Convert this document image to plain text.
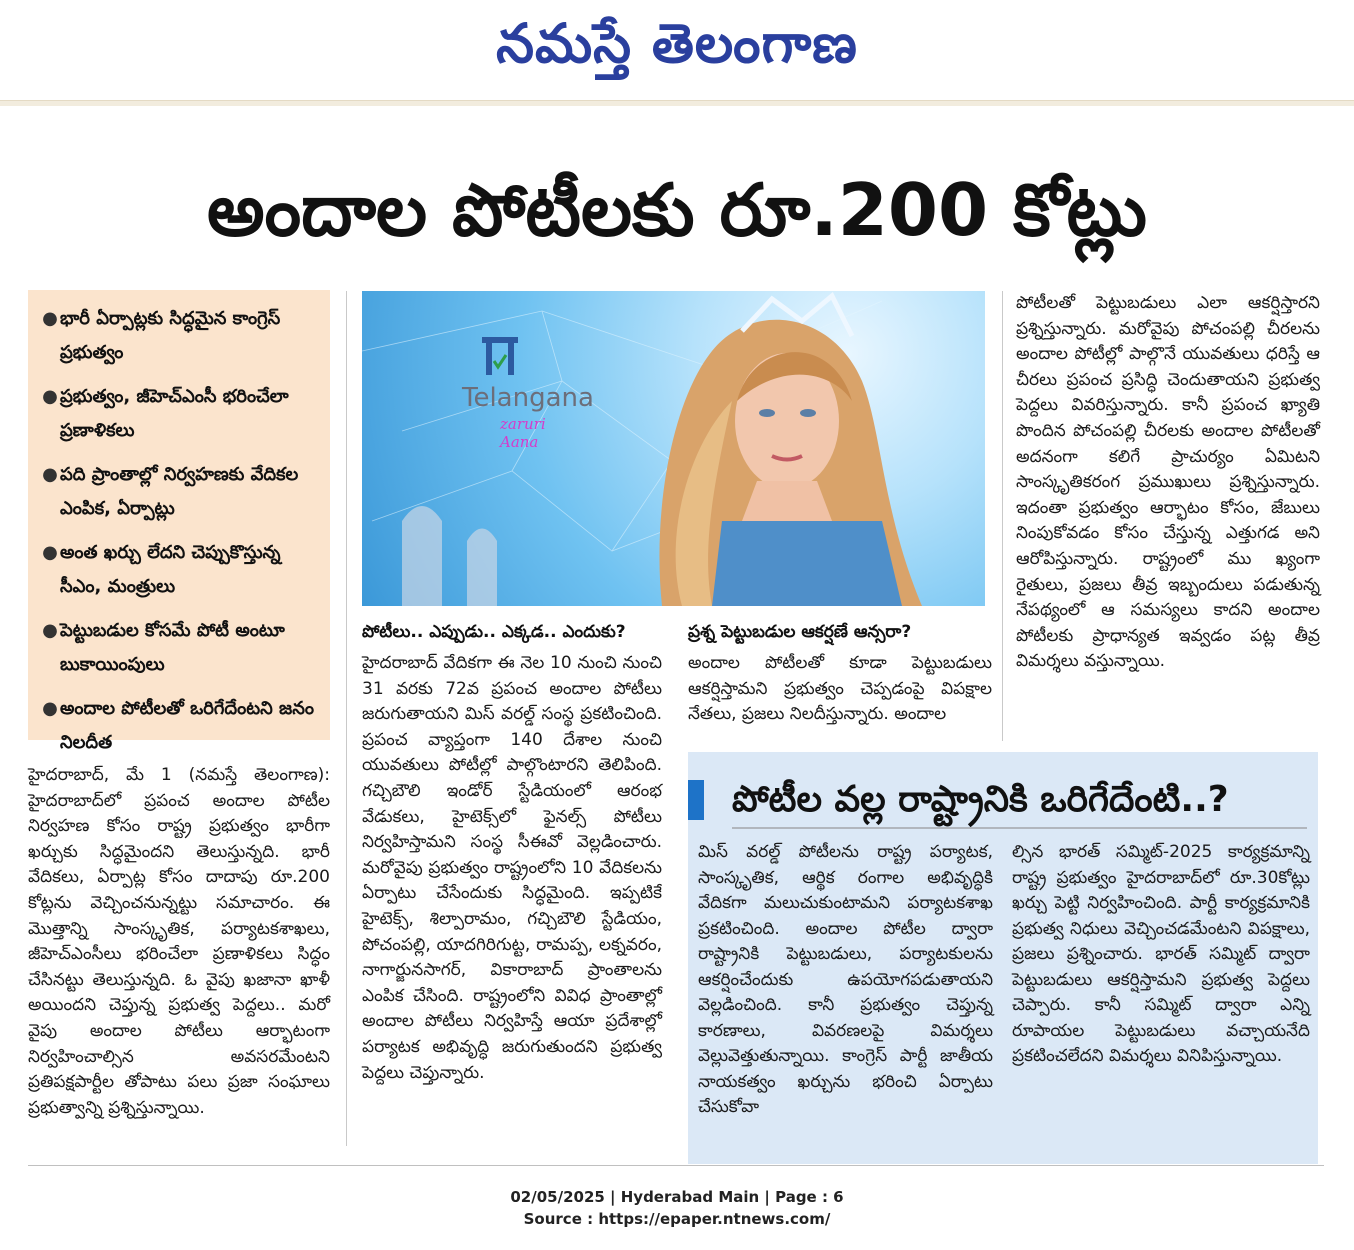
నమస్తే తెలంగాణ
అందాల పోటీలకు రూ.200 కోట్లు
● భారీ ఏర్పాట్లకు సిద్ధమైన కాంగ్రెస్ ప్రభుత్వం
● ప్రభుత్వం, జీహెచ్‌ఎంసీ భరించేలా ప్రణాళికలు
● పది ప్రాంతాల్లో నిర్వహణకు వేదికల ఎంపిక, ఏర్పాట్లు
● అంత ఖర్చు లేదని చెప్పుకొస్తున్న సీఎం, మంత్రులు
● పెట్టుబడుల కోసమే పోటీ అంటూ బుకాయింపులు
● అందాల పోటీలతో ఒరిగేదేంటని జనం నిలదీత
Telangana
zaruri Aana

హైదరాబాద్, మే 1 (నమస్తే తెలంగాణ): హైదరాబాద్‌లో ప్రపంచ అందాల పోటీల నిర్వహణ కోసం రాష్ట్ర ప్రభుత్వం భారీగా ఖర్చుకు సిద్ధమైందని తెలుస్తున్నది. భారీ వేదికలు, ఏర్పాట్ల కోసం దాదాపు రూ.200 కోట్లను వెచ్చించనున్నట్టు సమాచారం. ఈ మొత్తాన్ని సాంస్కృతిక, పర్యాటకశాఖలు, జీహెచ్‌ఎంసీలు భరించేలా ప్రణాళికలు సిద్ధం చేసినట్టు తెలుస్తున్నది. ఓ వైపు ఖజానా ఖాళీ అయిందని చెప్తున్న ప్రభుత్వ పెద్దలు.. మరో వైపు అందాల పోటీలు ఆర్భాటంగా నిర్వహించాల్సిన అవసరమేంటని ప్రతిపక్షపార్టీల తోపాటు పలు ప్రజా సంఘాలు ప్రభుత్వాన్ని ప్రశ్నిస్తున్నాయి.

పోటీలు.. ఎప్పుడు.. ఎక్కడ.. ఎందుకు?

హైదరాబాద్ వేదికగా ఈ నెల 10 నుంచి నుంచి 31 వరకు 72వ ప్రపంచ అందాల పోటీలు జరుగుతాయని మిస్ వరల్డ్ సంస్థ ప్రకటించింది. ప్రపంచ వ్యాప్తంగా 140 దేశాల నుంచి యువతులు పోటీల్లో పాల్గొంటారని తెలిపింది. గచ్చిబౌలి ఇండోర్ స్టేడియంలో ఆరంభ వేడుకలు, హైటెక్స్‌లో ఫైనల్స్ పోటీలు నిర్వహిస్తామని సంస్థ సీఈవో వెల్లడించారు. మరోవైపు ప్రభుత్వం రాష్ట్రంలోని 10 వేదికలను ఏర్పాటు చేసేందుకు సిద్ధమైంది. ఇప్పటికే హైటెక్స్, శిల్పారామం, గచ్చిబౌలి స్టేడియం, పోచంపల్లి, యాదగిరిగుట్ట, రామప్ప, లక్నవరం, నాగార్జునసాగర్, వికారాబాద్ ప్రాంతాలను ఎంపిక చేసింది. రాష్ట్రంలోని వివిధ ప్రాంతాల్లో అందాల పోటీలు నిర్వహిస్తే ఆయా ప్రదేశాల్లో పర్యాటక అభివృద్ధి జరుగుతుందని ప్రభుత్వ పెద్దలు చెప్తున్నారు.

ప్రశ్న పెట్టుబడుల ఆకర్షణే ఆన్సరా?

అందాల పోటీలతో కూడా పెట్టుబడులు ఆకర్షిస్తామని ప్రభుత్వం చెప్పడంపై విపక్షాల నేతలు, ప్రజలు నిలదీస్తున్నారు. అందాల

పోటీలతో పెట్టుబడులు ఎలా ఆకర్షిస్తారని ప్రశ్నిస్తున్నారు. మరోవైపు పోచంపల్లి చీరలను అందాల పోటీల్లో పాల్గొనే యువతులు ధరిస్తే ఆ చీరలు ప్రపంచ ప్రసిద్ధి చెందుతాయని ప్రభుత్వ పెద్దలు వివరిస్తున్నారు. కానీ ప్రపంచ ఖ్యాతి పొందిన పోచంపల్లి చీరలకు అందాల పోటీలతో అదనంగా కలిగే ప్రాచుర్యం ఏమిటని సాంస్కృతికరంగ ప్రముఖులు ప్రశ్నిస్తున్నారు. ఇదంతా ప్రభుత్వం ఆర్భాటం కోసం, జేబులు నింపుకోవడం కోసం చేస్తున్న ఎత్తుగడ అని ఆరోపిస్తున్నారు. రాష్ట్రంలో ము ఖ్యంగా రైతులు, ప్రజలు తీవ్ర ఇబ్బందులు పడుతున్న నేపథ్యంలో ఆ సమస్యలు కాదని అందాల పోటీలకు ప్రాధాన్యత ఇవ్వడం పట్ల తీవ్ర విమర్శలు వస్తున్నాయి.

పోటీల వల్ల రాష్ట్రానికి ఒరిగేదేంటి..?

మిస్ వరల్డ్ పోటీలను రాష్ట్ర పర్యాటక, సాంస్కృతిక, ఆర్థిక రంగాల అభివృద్ధికి వేదికగా మలుచుకుంటామని పర్యాటకశాఖ ప్రకటించింది. అందాల పోటీల ద్వారా రాష్ట్రానికి పెట్టుబడులు, పర్యాటకులను ఆకర్షించేందుకు ఉపయోగపడుతాయని వెల్లడించింది. కానీ ప్రభుత్వం చెప్తున్న కారణాలు, వివరణలపై విమర్శలు వెల్లువెత్తుతున్నాయి. కాంగ్రెస్ పార్టీ జాతీయ నాయకత్వం ఖర్చును భరించి ఏర్పాటు చేసుకోవా

ల్సిన భారత్ సమ్మిట్-2025 కార్యక్రమాన్ని రాష్ట్ర ప్రభుత్వం హైదరాబాద్‌లో రూ.30కోట్లు ఖర్చు పెట్టి నిర్వహించింది. పార్టీ కార్యక్రమానికి ప్రభుత్వ నిధులు వెచ్చించడమేంటని విపక్షాలు, ప్రజలు ప్రశ్నించారు. భారత్ సమ్మిట్ ద్వారా పెట్టుబడులు ఆకర్షిస్తామని ప్రభుత్వ పెద్దలు చెప్పారు. కానీ సమ్మిట్ ద్వారా ఎన్ని రూపాయల పెట్టుబడులు వచ్చాయనేది ప్రకటించలేదని విమర్శలు వినిపిస్తున్నాయి.

02/05/2025 | Hyderabad Main | Page : 6
Source : https://epaper.ntnews.com/
